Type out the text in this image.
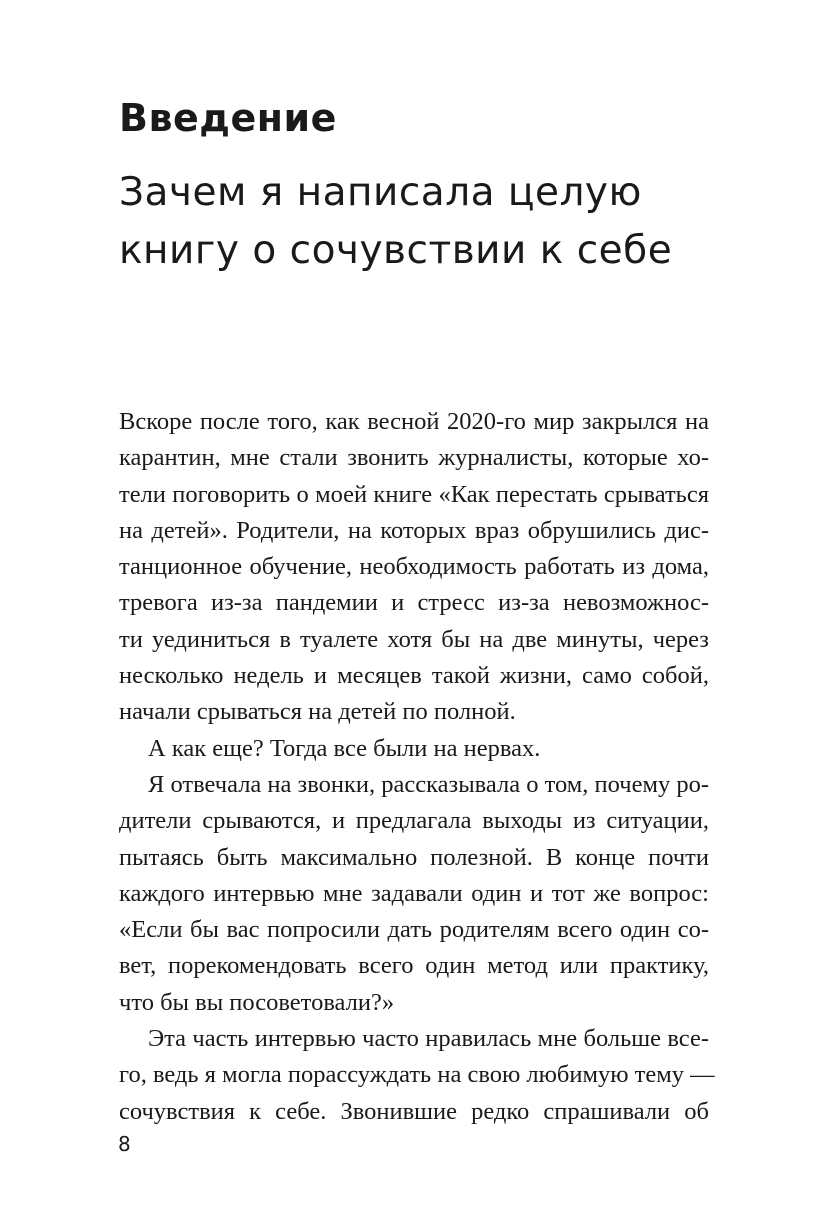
Введение
Зачем я написала целую
книгу о сочувствии к себе
Вскоре после того, как весной 2020-го мир закрылся на
карантин, мне стали звонить журналисты, которые хо-
тели поговорить о моей книге «Как перестать срываться
на детей». Родители, на которых враз обрушились дис-
танционное обучение, необходимость работать из дома,
тревога из-за пандемии и стресс из-за невозможнос-
ти уединиться в туалете хотя бы на две минуты, через
несколько недель и месяцев такой жизни, само собой,
начали срываться на детей по полной.
А как еще? Тогда все были на нервах.
Я отвечала на звонки, рассказывала о том, почему ро-
дители срываются, и предлагала выходы из ситуации,
пытаясь быть максимально полезной. В конце почти
каждого интервью мне задавали один и тот же вопрос:
«Если бы вас попросили дать родителям всего один со-
вет, порекомендовать всего один метод или практику,
что бы вы посоветовали?»
Эта часть интервью часто нравилась мне больше все-
го, ведь я могла порассуждать на свою любимую тему —
сочувствия к себе. Звонившие редко спрашивали об
8
